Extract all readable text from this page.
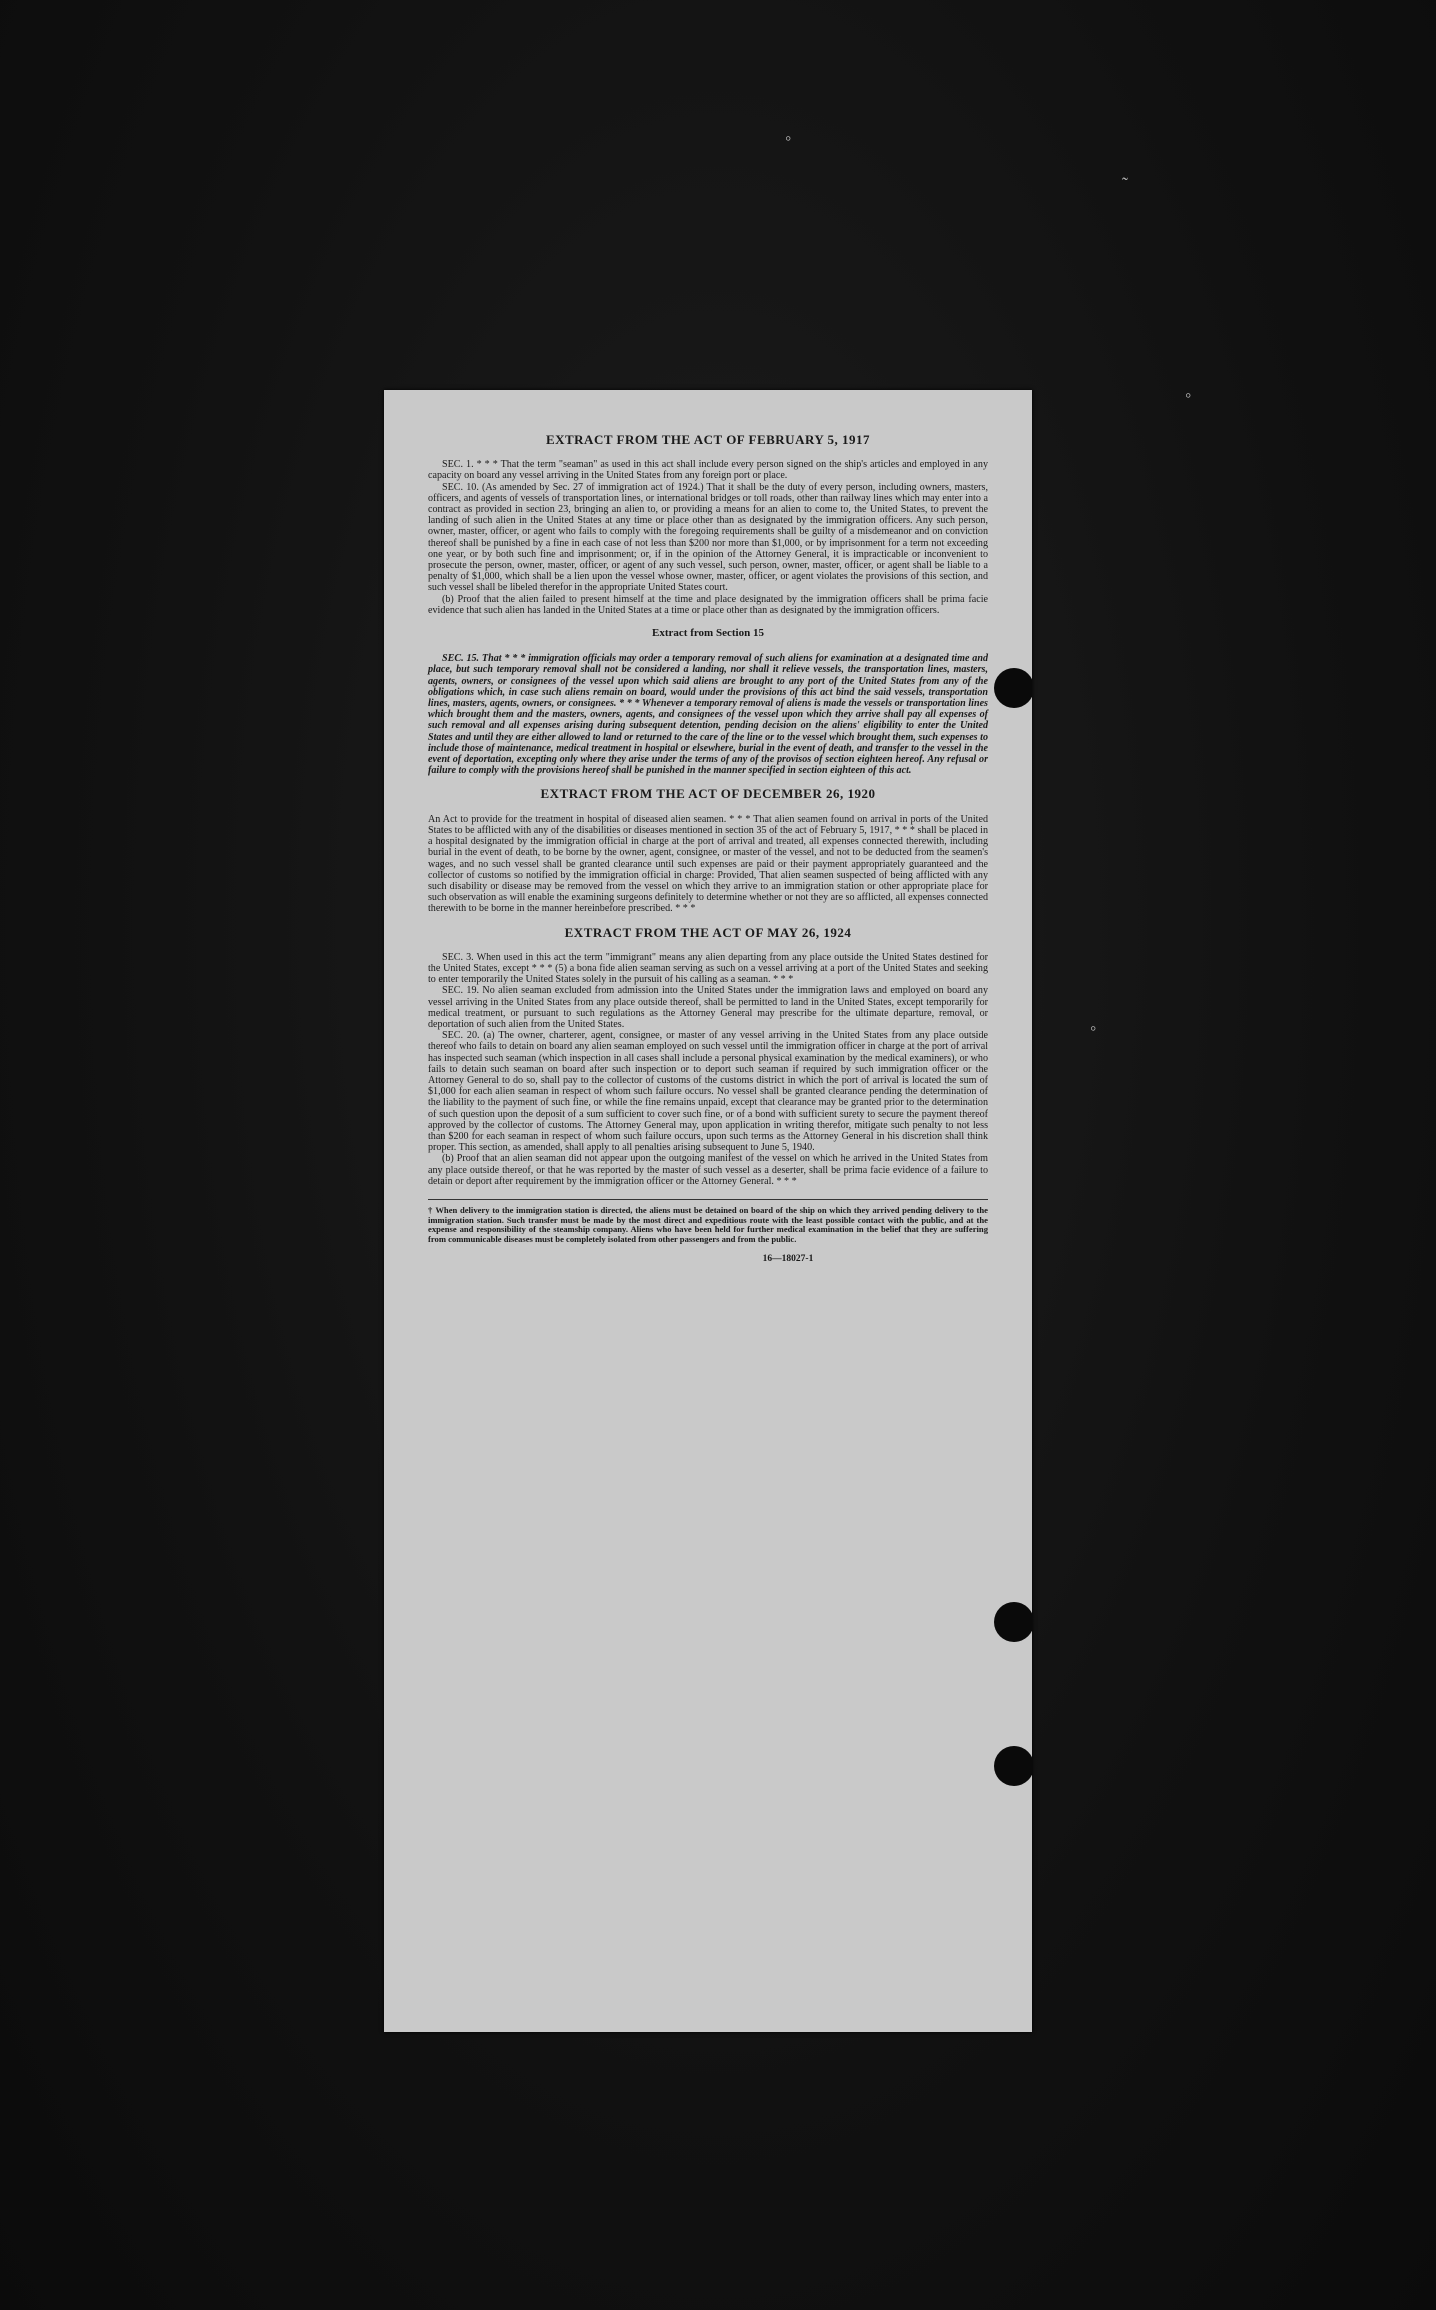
◦
◦
◦
˜
EXTRACT FROM THE ACT OF FEBRUARY 5, 1917

SEC. 1. * * * That the term "seaman" as used in this act shall include every person signed on the ship's articles and employed in any capacity on board any vessel arriving in the United States from any foreign port or place.

SEC. 10. (As amended by Sec. 27 of immigration act of 1924.) That it shall be the duty of every person, including owners, masters, officers, and agents of vessels of transportation lines, or international bridges or toll roads, other than railway lines which may enter into a contract as provided in section 23, bringing an alien to, or providing a means for an alien to come to, the United States, to prevent the landing of such alien in the United States at any time or place other than as designated by the immigration officers. Any such person, owner, master, officer, or agent who fails to comply with the foregoing requirements shall be guilty of a misdemeanor and on conviction thereof shall be punished by a fine in each case of not less than $200 nor more than $1,000, or by imprisonment for a term not exceeding one year, or by both such fine and imprisonment; or, if in the opinion of the Attorney General, it is impracticable or inconvenient to prosecute the person, owner, master, officer, or agent of any such vessel, such person, owner, master, officer, or agent shall be liable to a penalty of $1,000, which shall be a lien upon the vessel whose owner, master, officer, or agent violates the provisions of this section, and such vessel shall be libeled therefor in the appropriate United States court.

(b) Proof that the alien failed to present himself at the time and place designated by the immigration officers shall be prima facie evidence that such alien has landed in the United States at a time or place other than as designated by the immigration officers.

Extract from Section 15

SEC. 15. That * * * immigration officials may order a temporary removal of such aliens for examination at a designated time and place, but such temporary removal shall not be considered a landing, nor shall it relieve vessels, the transportation lines, masters, agents, owners, or consignees of the vessel upon which said aliens are brought to any port of the United States from any of the obligations which, in case such aliens remain on board, would under the provisions of this act bind the said vessels, transportation lines, masters, agents, owners, or consignees. * * * Whenever a temporary removal of aliens is made the vessels or transportation lines which brought them and the masters, owners, agents, and consignees of the vessel upon which they arrive shall pay all expenses of such removal and all expenses arising during subsequent detention, pending decision on the aliens' eligibility to enter the United States and until they are either allowed to land or returned to the care of the line or to the vessel which brought them, such expenses to include those of maintenance, medical treatment in hospital or elsewhere, burial in the event of death, and transfer to the vessel in the event of deportation, excepting only where they arise under the terms of any of the provisos of section eighteen hereof. Any refusal or failure to comply with the provisions hereof shall be punished in the manner specified in section eighteen of this act.

EXTRACT FROM THE ACT OF DECEMBER 26, 1920

An Act to provide for the treatment in hospital of diseased alien seamen. * * * That alien seamen found on arrival in ports of the United States to be afflicted with any of the disabilities or diseases mentioned in section 35 of the act of February 5, 1917, * * * shall be placed in a hospital designated by the immigration official in charge at the port of arrival and treated, all expenses connected therewith, including burial in the event of death, to be borne by the owner, agent, consignee, or master of the vessel, and not to be deducted from the seamen's wages, and no such vessel shall be granted clearance until such expenses are paid or their payment appropriately guaranteed and the collector of customs so notified by the immigration official in charge: Provided, That alien seamen suspected of being afflicted with any such disability or disease may be removed from the vessel on which they arrive to an immigration station or other appropriate place for such observation as will enable the examining surgeons definitely to determine whether or not they are so afflicted, all expenses connected therewith to be borne in the manner hereinbefore prescribed. * * *

EXTRACT FROM THE ACT OF MAY 26, 1924

SEC. 3. When used in this act the term "immigrant" means any alien departing from any place outside the United States destined for the United States, except * * * (5) a bona fide alien seaman serving as such on a vessel arriving at a port of the United States and seeking to enter temporarily the United States solely in the pursuit of his calling as a seaman. * * *

SEC. 19. No alien seaman excluded from admission into the United States under the immigration laws and employed on board any vessel arriving in the United States from any place outside thereof, shall be permitted to land in the United States, except temporarily for medical treatment, or pursuant to such regulations as the Attorney General may prescribe for the ultimate departure, removal, or deportation of such alien from the United States.

SEC. 20. (a) The owner, charterer, agent, consignee, or master of any vessel arriving in the United States from any place outside thereof who fails to detain on board any alien seaman employed on such vessel until the immigration officer in charge at the port of arrival has inspected such seaman (which inspection in all cases shall include a personal physical examination by the medical examiners), or who fails to detain such seaman on board after such inspection or to deport such seaman if required by such immigration officer or the Attorney General to do so, shall pay to the collector of customs of the customs district in which the port of arrival is located the sum of $1,000 for each alien seaman in respect of whom such failure occurs. No vessel shall be granted clearance pending the determination of the liability to the payment of such fine, or while the fine remains unpaid, except that clearance may be granted prior to the determination of such question upon the deposit of a sum sufficient to cover such fine, or of a bond with sufficient surety to secure the payment thereof approved by the collector of customs. The Attorney General may, upon application in writing therefor, mitigate such penalty to not less than $200 for each seaman in respect of whom such failure occurs, upon such terms as the Attorney General in his discretion shall think proper. This section, as amended, shall apply to all penalties arising subsequent to June 5, 1940.

(b) Proof that an alien seaman did not appear upon the outgoing manifest of the vessel on which he arrived in the United States from any place outside thereof, or that he was reported by the master of such vessel as a deserter, shall be prima facie evidence of a failure to detain or deport after requirement by the immigration officer or the Attorney General. * * *

† When delivery to the immigration station is directed, the aliens must be detained on board of the ship on which they arrived pending delivery to the immigration station. Such transfer must be made by the most direct and expeditious route with the least possible contact with the public, and at the expense and responsibility of the steamship company. Aliens who have been held for further medical examination in the belief that they are suffering from communicable diseases must be completely isolated from other passengers and from the public.
16—18027-1
